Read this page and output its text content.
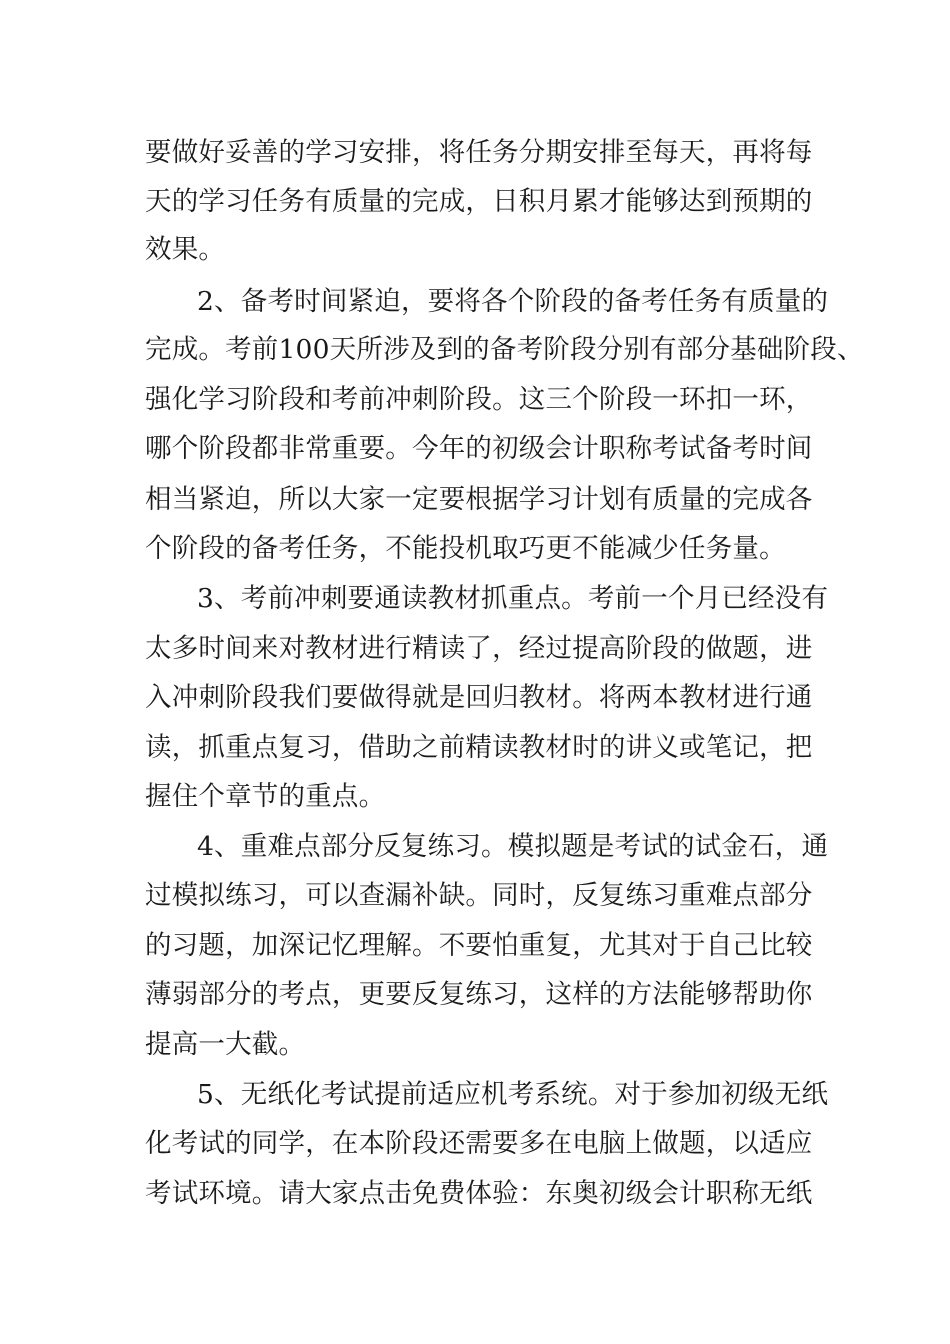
要做好妥善的学习安排，将任务分期安排至每天，再将每

天的学习任务有质量的完成，日积月累才能够达到预期的

效果。

2、备考时间紧迫，要将各个阶段的备考任务有质量的

完成。考前100天所涉及到的备考阶段分别有部分基础阶段、

强化学习阶段和考前冲刺阶段。这三个阶段一环扣一环，

哪个阶段都非常重要。今年的初级会计职称考试备考时间

相当紧迫，所以大家一定要根据学习计划有质量的完成各

个阶段的备考任务，不能投机取巧更不能减少任务量。

3、考前冲刺要通读教材抓重点。考前一个月已经没有

太多时间来对教材进行精读了，经过提高阶段的做题，进

入冲刺阶段我们要做得就是回归教材。将两本教材进行通

读，抓重点复习，借助之前精读教材时的讲义或笔记，把

握住个章节的重点。

4、重难点部分反复练习。模拟题是考试的试金石，通

过模拟练习，可以查漏补缺。同时，反复练习重难点部分

的习题，加深记忆理解。不要怕重复，尤其对于自己比较

薄弱部分的考点，更要反复练习，这样的方法能够帮助你

提高一大截。

5、无纸化考试提前适应机考系统。对于参加初级无纸

化考试的同学，在本阶段还需要多在电脑上做题，以适应

考试环境。请大家点击免费体验：东奥初级会计职称无纸
